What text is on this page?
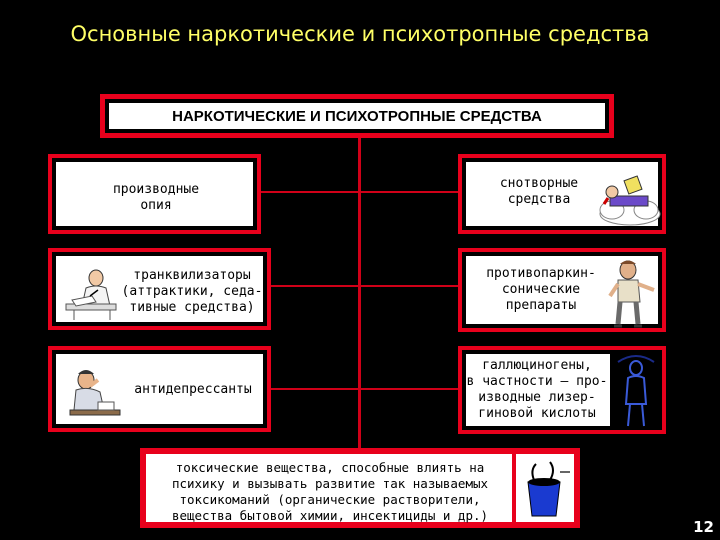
Основные наркотические и психотропные средства
НАРКОТИЧЕСКИЕ И ПСИХОТРОПНЫЕ СРЕДСТВА
производные
опия
транквилизаторы
(аттрактики, седа-
тивные средства)
антидепрессанты
снотворные
средства
противопаркин-
сонические
препараты
галлюциногены,
в частности – про-
изводные лизер-
гиновой кислоты
токсические вещества, способные влиять на
психику и вызывать развитие так называемых
токсикоманий (органические растворители,
вещества бытовой химии, инсектициды и др.)
12
